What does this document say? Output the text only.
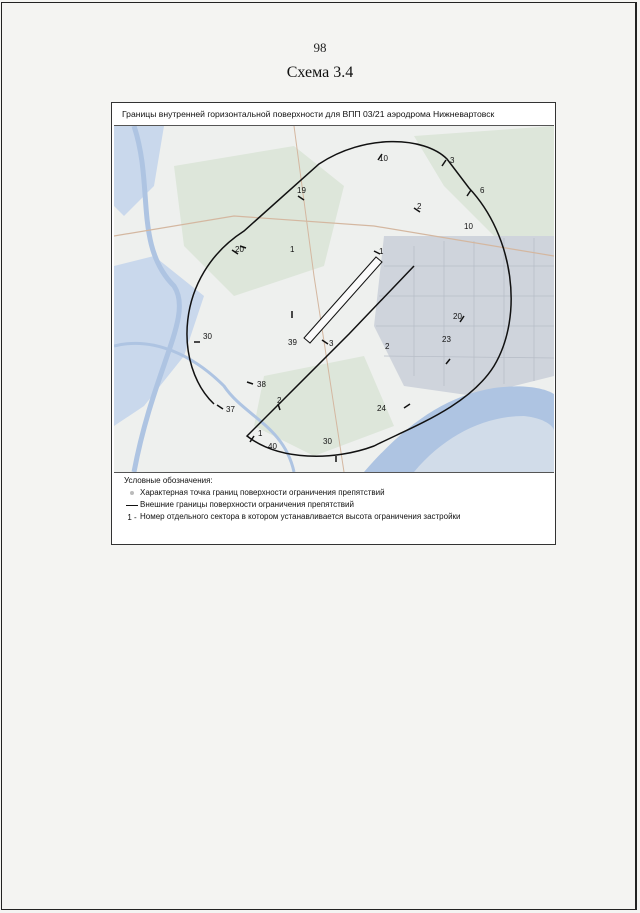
98
Схема 3.4
Границы внутренней горизонтальной поверхности для ВПП 03/21 аэродрома Нижневартовск
10	3
6
19
2
10
20	1	1
20
23
30
39	3	2
38
37
2
24
1
40
30
Условные обозначения:
Характерная точка границ поверхности ограничения препятствий
Внешние границы поверхности ограничения препятствий
1 - Номер отдельного сектора в котором устанавливается высота ограничения застройки
